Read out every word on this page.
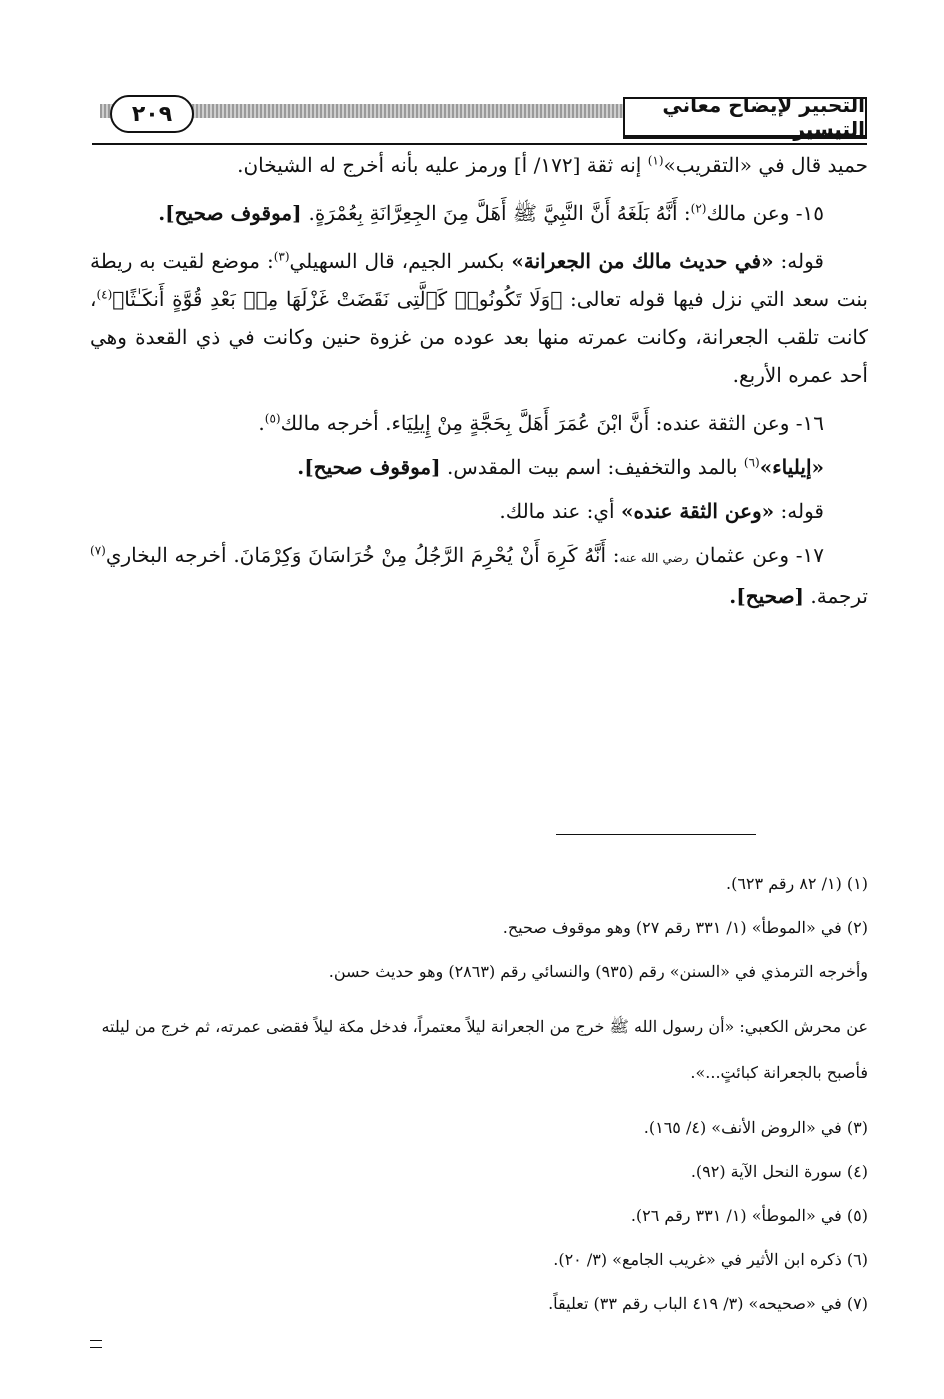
٢٠٩	التحبير لإيضاح معاني التيسير

حميد قال في «التقريب»$^{(١)}$ إنه ثقة [١٧٢/ أ] ورمز عليه بأنه أخرج له الشيخان.

١٥- وعن مالك$^{(٢)}$: أَنَّهُ بَلَغَهُ أَنَّ النَّبِيَّ ﷺ أَهَلَّ مِنَ الجِعِرَّانَةِ بِعُمْرَةٍ. [موقوف صحيح].

قوله: «في حديث مالك من الجعرانة» بكسر الجيم، قال السهيلي$^{(٣)}$: موضع لقيت به ريطة بنت سعد التي نزل فيها قوله تعالى: ﴿وَلَا تَكُونُوا۟ كَٱلَّتِى نَقَضَتْ غَزْلَهَا مِنۢ بَعْدِ قُوَّةٍ أَنكَـٰثًا﴾$^{(٤)}$، كانت تلقب الجعرانة، وكانت عمرته منها بعد عوده من غزوة حنين وكانت في ذي القعدة وهي أحد عمره الأربع.

١٦- وعن الثقة عنده: أَنَّ ابْنَ عُمَرَ أَهَلَّ بِحَجَّةٍ مِنْ إِيلِيَاء. أخرجه مالك$^{(٥)}$.

«إيلياء»$^{(٦)}$ بالمد والتخفيف: اسم بيت المقدس. [موقوف صحيح].

قوله: «وعن الثقة عنده» أي: عند مالك.

١٧- وعن عثمان رضي الله عنه: أَنَّهُ كَرِهَ أَنْ يُحْرِمَ الرَّجُلُ مِنْ خُرَاسَانَ وَكِرْمَانَ. أخرجه البخاري$^{(٧)}$ ترجمة. [صحيح].

(١) (١/ ٨٢ رقم ٦٢٣).

(٢) في «الموطأ» (١/ ٣٣١ رقم ٢٧) وهو موقوف صحيح.

وأخرجه الترمذي في «السنن» رقم (٩٣٥) والنسائي رقم (٢٨٦٣) وهو حديث حسن.

عن محرش الكعبي: «أن رسول الله ﷺ خرج من الجعرانة ليلاً معتمراً، فدخل مكة ليلاً فقضى عمرته، ثم خرج من ليلته فأصبح بالجعرانة كبائتٍ...».

(٣) في «الروض الأنف» (٤/ ١٦٥).

(٤) سورة النحل الآية (٩٢).

(٥) في «الموطأ» (١/ ٣٣١ رقم ٢٦).

(٦) ذكره ابن الأثير في «غريب الجامع» (٣/ ٢٠).

(٧) في «صحيحه» (٣/ ٤١٩ الباب رقم ٣٣) تعليقاً.
